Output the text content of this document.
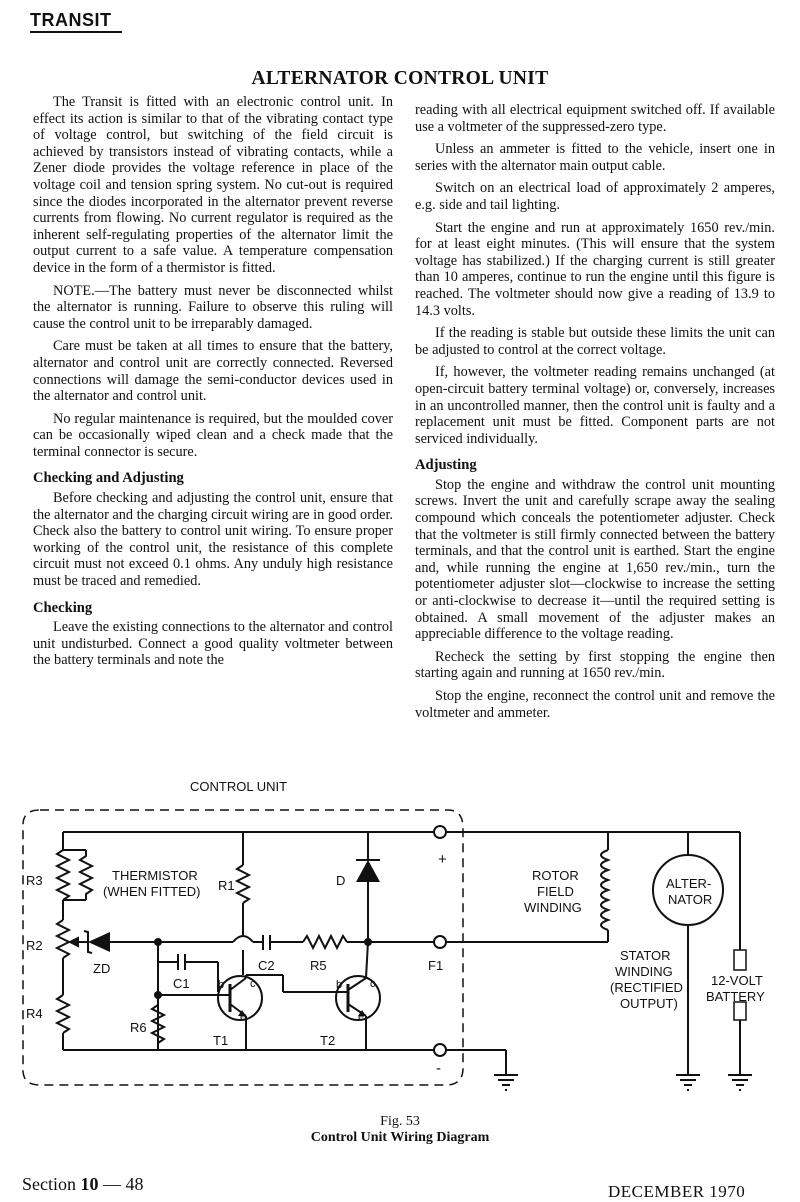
TRANSIT
ALTERNATOR CONTROL UNIT

The Transit is fitted with an electronic control unit. In effect its action is similar to that of the vibrating contact type of voltage control, but switching of the field circuit is achieved by transistors instead of vibrating contacts, while a Zener diode provides the voltage reference in place of the voltage coil and tension spring system. No cut-out is required since the diodes incorporated in the alternator prevent reverse currents from flowing. No current regulator is required as the inherent self-regulating properties of the alternator limit the output current to a safe value. A temperature compensation device in the form of a thermistor is fitted.

NOTE.—The battery must never be disconnected whilst the alternator is running. Failure to observe this ruling will cause the control unit to be irreparably damaged.

Care must be taken at all times to ensure that the battery, alternator and control unit are correctly connected. Reversed connections will damage the semi-conductor devices used in the alternator and control unit.

No regular maintenance is required, but the moulded cover can be occasionally wiped clean and a check made that the terminal connector is secure.

Checking and Adjusting

Before checking and adjusting the control unit, ensure that the alternator and the charging circuit wiring are in good order. Check also the battery to control unit wiring. To ensure proper working of the control unit, the resistance of this complete circuit must not exceed 0.1 ohms. Any unduly high resistance must be traced and remedied.

Checking

Leave the existing connections to the alternator and control unit undisturbed. Connect a good quality voltmeter between the battery terminals and note the

reading with all electrical equipment switched off. If available use a voltmeter of the suppressed-zero type.

Unless an ammeter is fitted to the vehicle, insert one in series with the alternator main output cable.

Switch on an electrical load of approximately 2 amperes, e.g. side and tail lighting.

Start the engine and run at approximately 1650 rev./min. for at least eight minutes. (This will ensure that the system voltage has stabilized.) If the charging current is still greater than 10 amperes, continue to run the engine until this figure is reached. The voltmeter should now give a reading of 13.9 to 14.3 volts.

If the reading is stable but outside these limits the unit can be adjusted to control at the correct voltage.

If, however, the voltmeter reading remains unchanged (at open-circuit battery terminal voltage) or, conversely, increases in an uncontrolled manner, then the control unit is faulty and a replacement unit must be fitted. Component parts are not serviced individually.

Adjusting

Stop the engine and withdraw the control unit mounting screws. Invert the unit and carefully scrape away the sealing compound which conceals the potentiometer adjuster. Check that the voltmeter is still firmly connected between the battery terminals, and that the control unit is earthed. Start the engine and, while running the engine at 1,650 rev./min., turn the potentiometer adjuster slot—clockwise to increase the setting or anti-clockwise to decrease it—until the required setting is obtained. A small movement of the adjuster makes an appreciable difference to the voltage reading.

Recheck the setting by first stopping the engine then starting again and running at 1650 rev./min.

Stop the engine, reconnect the control unit and remove the voltmeter and ammeter.

CONTROL UNIT
+
R3	THERMISTOR
(WHEN FITTED)
R2
R4
-
ZD
R1
C2	R5	F1
D
C1
R6
b c
e
T1
b	c
e
T2
ROTOR
FIELD
WINDING
ALTER-
NATOR
STATOR
WINDING
(RECTIFIED
OUTPUT)
12-VOLT
BATTERY
Fig. 53
Control Unit Wiring Diagram
Section 10 — 48	DECEMBER 1970
